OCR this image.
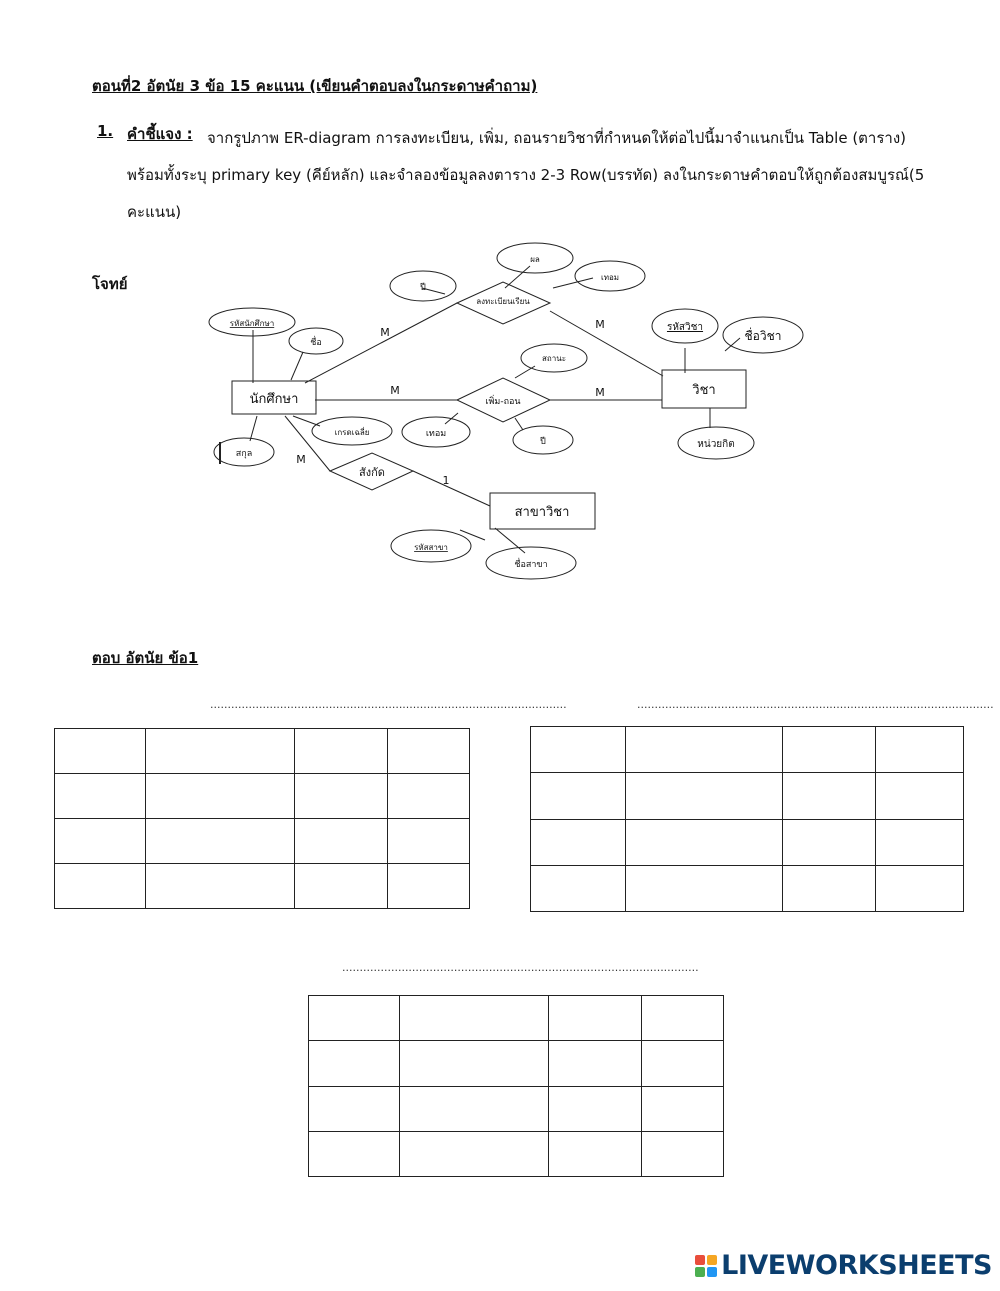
ตอนที่2 อัตนัย 3 ข้อ 15 คะแนน (เขียนคำตอบลงในกระดาษคำถาม)
1.	จากรูปภาพ ER-diagram การลงทะเบียน, เพิ่ม, ถอนรายวิชาที่กำหนดให้ต่อไปนี้มาจำแนกเป็น Table (ตาราง) พร้อมทั้งระบุ primary key (คีย์หลัก) และจำลองข้อมูลลงตาราง 2-3 Row(บรรทัด) ลงในกระดาษคำตอบให้ถูกต้องสมบูรณ์(5 คะแนน)
คำชี้แจง :
โจทย์
นักศึกษา
วิชา
สาขาวิชา
ลงทะเบียนเรียน
เพิ่ม-ถอน
สังกัด
รหัสนักศึกษา
ชื่อ
สกุล
เกรดเฉลี่ย
ปี
ผล
เทอม
รหัสวิชา
ชื่อวิชา
หน่วยกิต
สถานะ
เทอม
ปี
รหัสสาขา
ชื่อสาขา
M
M
M	M
M
1
ตอบ อัตนัย ข้อ1
......................................................................................................

				......................................................................................................

......................................................................................................

LIVEWORKSHEETS
